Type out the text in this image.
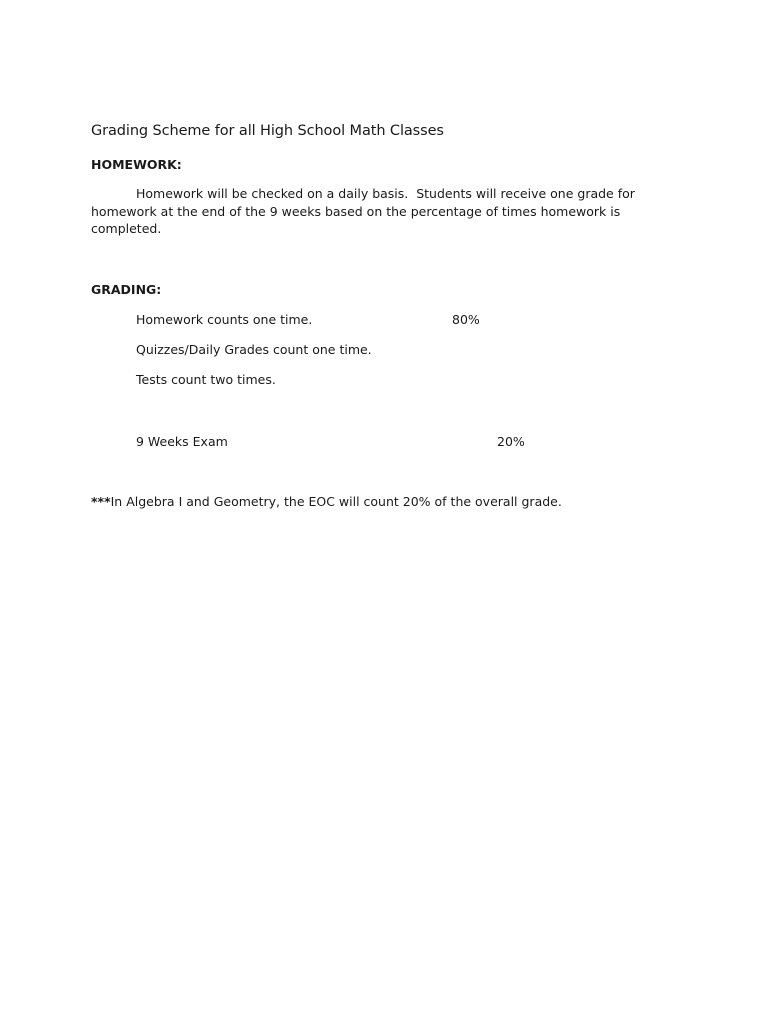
Grading Scheme for all High School Math Classes
HOMEWORK:
Homework will be checked on a daily basis.  Students will receive one grade for
homework at the end of the 9 weeks based on the percentage of times homework is
completed.
GRADING:
Homework counts one time.	80%
Quizzes/Daily Grades count one time.
Tests count two times.
9 Weeks Exam	20%
***In Algebra I and Geometry, the EOC will count 20% of the overall grade.
